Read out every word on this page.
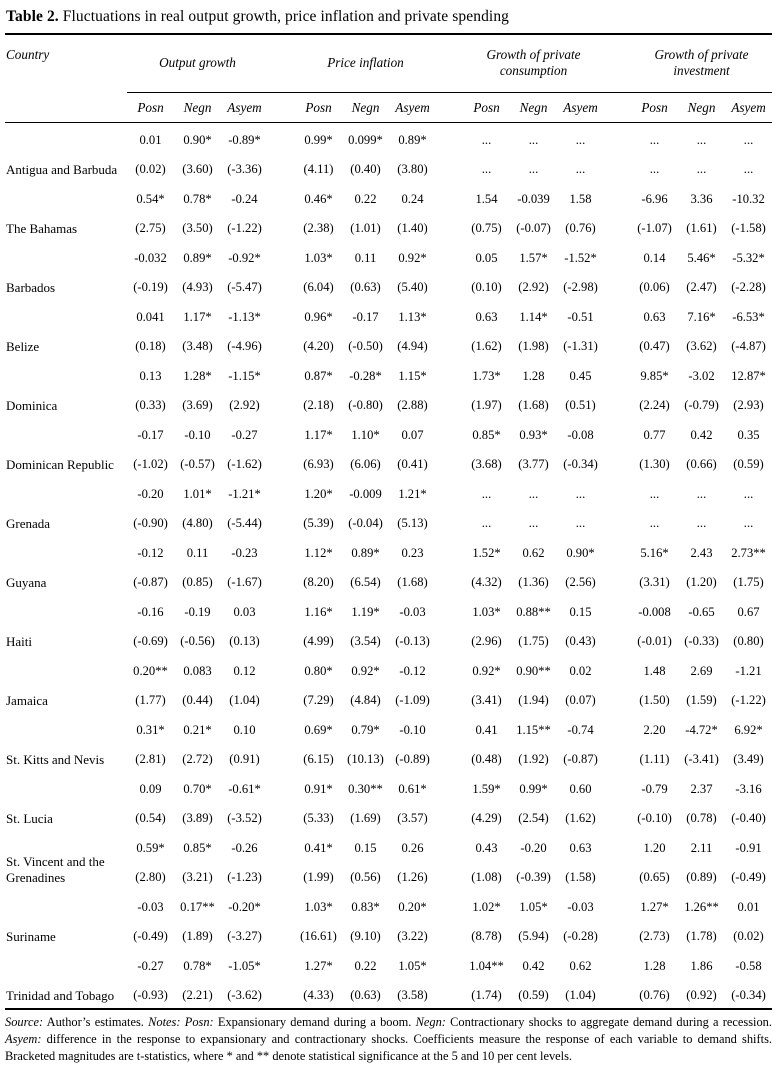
Table 2. Fluctuations in real output growth, price inflation and private spending
Country	Output growth				Price inflation				Growth of private consumption				Growth of private investment		
	Posn	Negn	Asyem		Posn	Negn	Asyem		Posn	Negn	Asyem		Posn	Negn	Asyem
Antigua and Barbuda	0.01	0.90*	-0.89*		0.99*	0.099*	0.89*		...	...	...		...	...	...
	(0.02)	(3.60)	(-3.36)		(4.11)	(0.40)	(3.80)		...	...	...		...	...	...
The Bahamas	0.54*	0.78*	-0.24		0.46*	0.22	0.24		1.54	-0.039	1.58		-6.96	3.36	-10.32
	(2.75)	(3.50)	(-1.22)		(2.38)	(1.01)	(1.40)		(0.75)	(-0.07)	(0.76)		(-1.07)	(1.61)	(-1.58)
Barbados	-0.032	0.89*	-0.92*		1.03*	0.11	0.92*		0.05	1.57*	-1.52*		0.14	5.46*	-5.32*
	(-0.19)	(4.93)	(-5.47)		(6.04)	(0.63)	(5.40)		(0.10)	(2.92)	(-2.98)		(0.06)	(2.47)	(-2.28)
Belize	0.041	1.17*	-1.13*		0.96*	-0.17	1.13*		0.63	1.14*	-0.51		0.63	7.16*	-6.53*
	(0.18)	(3.48)	(-4.96)		(4.20)	(-0.50)	(4.94)		(1.62)	(1.98)	(-1.31)		(0.47)	(3.62)	(-4.87)
Dominica	0.13	1.28*	-1.15*		0.87*	-0.28*	1.15*		1.73*	1.28	0.45		9.85*	-3.02	12.87*
	(0.33)	(3.69)	(2.92)		(2.18)	(-0.80)	(2.88)		(1.97)	(1.68)	(0.51)		(2.24)	(-0.79)	(2.93)
Dominican Republic	-0.17	-0.10	-0.27		1.17*	1.10*	0.07		0.85*	0.93*	-0.08		0.77	0.42	0.35
	(-1.02)	(-0.57)	(-1.62)		(6.93)	(6.06)	(0.41)		(3.68)	(3.77)	(-0.34)		(1.30)	(0.66)	(0.59)
Grenada	-0.20	1.01*	-1.21*		1.20*	-0.009	1.21*		...	...	...		...	...	...
	(-0.90)	(4.80)	(-5.44)		(5.39)	(-0.04)	(5.13)		...	...	...		...	...	...
Guyana	-0.12	0.11	-0.23		1.12*	0.89*	0.23		1.52*	0.62	0.90*		5.16*	2.43	2.73**
	(-0.87)	(0.85)	(-1.67)		(8.20)	(6.54)	(1.68)		(4.32)	(1.36)	(2.56)		(3.31)	(1.20)	(1.75)
Haiti	-0.16	-0.19	0.03		1.16*	1.19*	-0.03		1.03*	0.88**	0.15		-0.008	-0.65	0.67
	(-0.69)	(-0.56)	(0.13)		(4.99)	(3.54)	(-0.13)		(2.96)	(1.75)	(0.43)		(-0.01)	(-0.33)	(0.80)
Jamaica	0.20**	0.083	0.12		0.80*	0.92*	-0.12		0.92*	0.90**	0.02		1.48	2.69	-1.21
	(1.77)	(0.44)	(1.04)		(7.29)	(4.84)	(-1.09)		(3.41)	(1.94)	(0.07)		(1.50)	(1.59)	(-1.22)
St. Kitts and Nevis	0.31*	0.21*	0.10		0.69*	0.79*	-0.10		0.41	1.15**	-0.74		2.20	-4.72*	6.92*
	(2.81)	(2.72)	(0.91)		(6.15)	(10.13)	(-0.89)		(0.48)	(1.92)	(-0.87)		(1.11)	(-3.41)	(3.49)
St. Lucia	0.09	0.70*	-0.61*		0.91*	0.30**	0.61*		1.59*	0.99*	0.60		-0.79	2.37	-3.16
	(0.54)	(3.89)	(-3.52)		(5.33)	(1.69)	(3.57)		(4.29)	(2.54)	(1.62)		(-0.10)	(0.78)	(-0.40)
St. Vincent and the Grenadines	0.59*	0.85*	-0.26		0.41*	0.15	0.26		0.43	-0.20	0.63		1.20	2.11	-0.91
	(2.80)	(3.21)	(-1.23)		(1.99)	(0.56)	(1.26)		(1.08)	(-0.39)	(1.58)		(0.65)	(0.89)	(-0.49)
Suriname	-0.03	0.17**	-0.20*		1.03*	0.83*	0.20*		1.02*	1.05*	-0.03		1.27*	1.26**	0.01
	(-0.49)	(1.89)	(-3.27)		(16.61)	(9.10)	(3.22)		(8.78)	(5.94)	(-0.28)		(2.73)	(1.78)	(0.02)
Trinidad and Tobago	-0.27	0.78*	-1.05*		1.27*	0.22	1.05*		1.04**	0.42	0.62		1.28	1.86	-0.58
	(-0.93)	(2.21)	(-3.62)		(4.33)	(0.63)	(3.58)		(1.74)	(0.59)	(1.04)		(0.76)	(0.92)	(-0.34)
Source: Author’s estimates. Notes: Posn: Expansionary demand during a boom. Negn: Contractionary shocks to aggregate demand during a recession. Asyem: difference in the response to expansionary and contractionary shocks. Coefficients measure the response of each variable to demand shifts. Bracketed magnitudes are t-statistics, where * and ** denote statistical significance at the 5 and 10 per cent levels.
